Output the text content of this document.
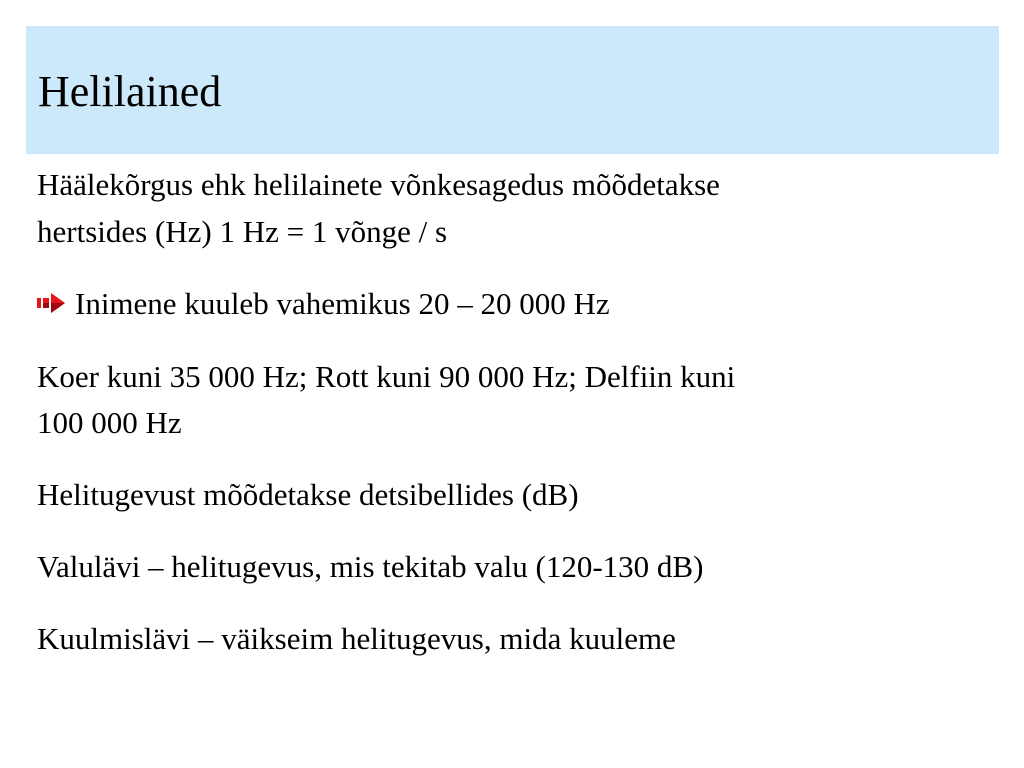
Helilained

Häälekõrgus ehk helilainete võnkesagedus mõõdetakse

hertsides (Hz) 1 Hz = 1 võnge / s

Inimene kuuleb vahemikus 20 – 20 000 Hz

Koer kuni 35 000 Hz; Rott kuni 90 000 Hz; Delfiin kuni

100 000 Hz

Helitugevust mõõdetakse detsibellides (dB)

Valulävi – helitugevus, mis tekitab valu (120-130 dB)

Kuulmislävi – väikseim helitugevus, mida kuuleme
